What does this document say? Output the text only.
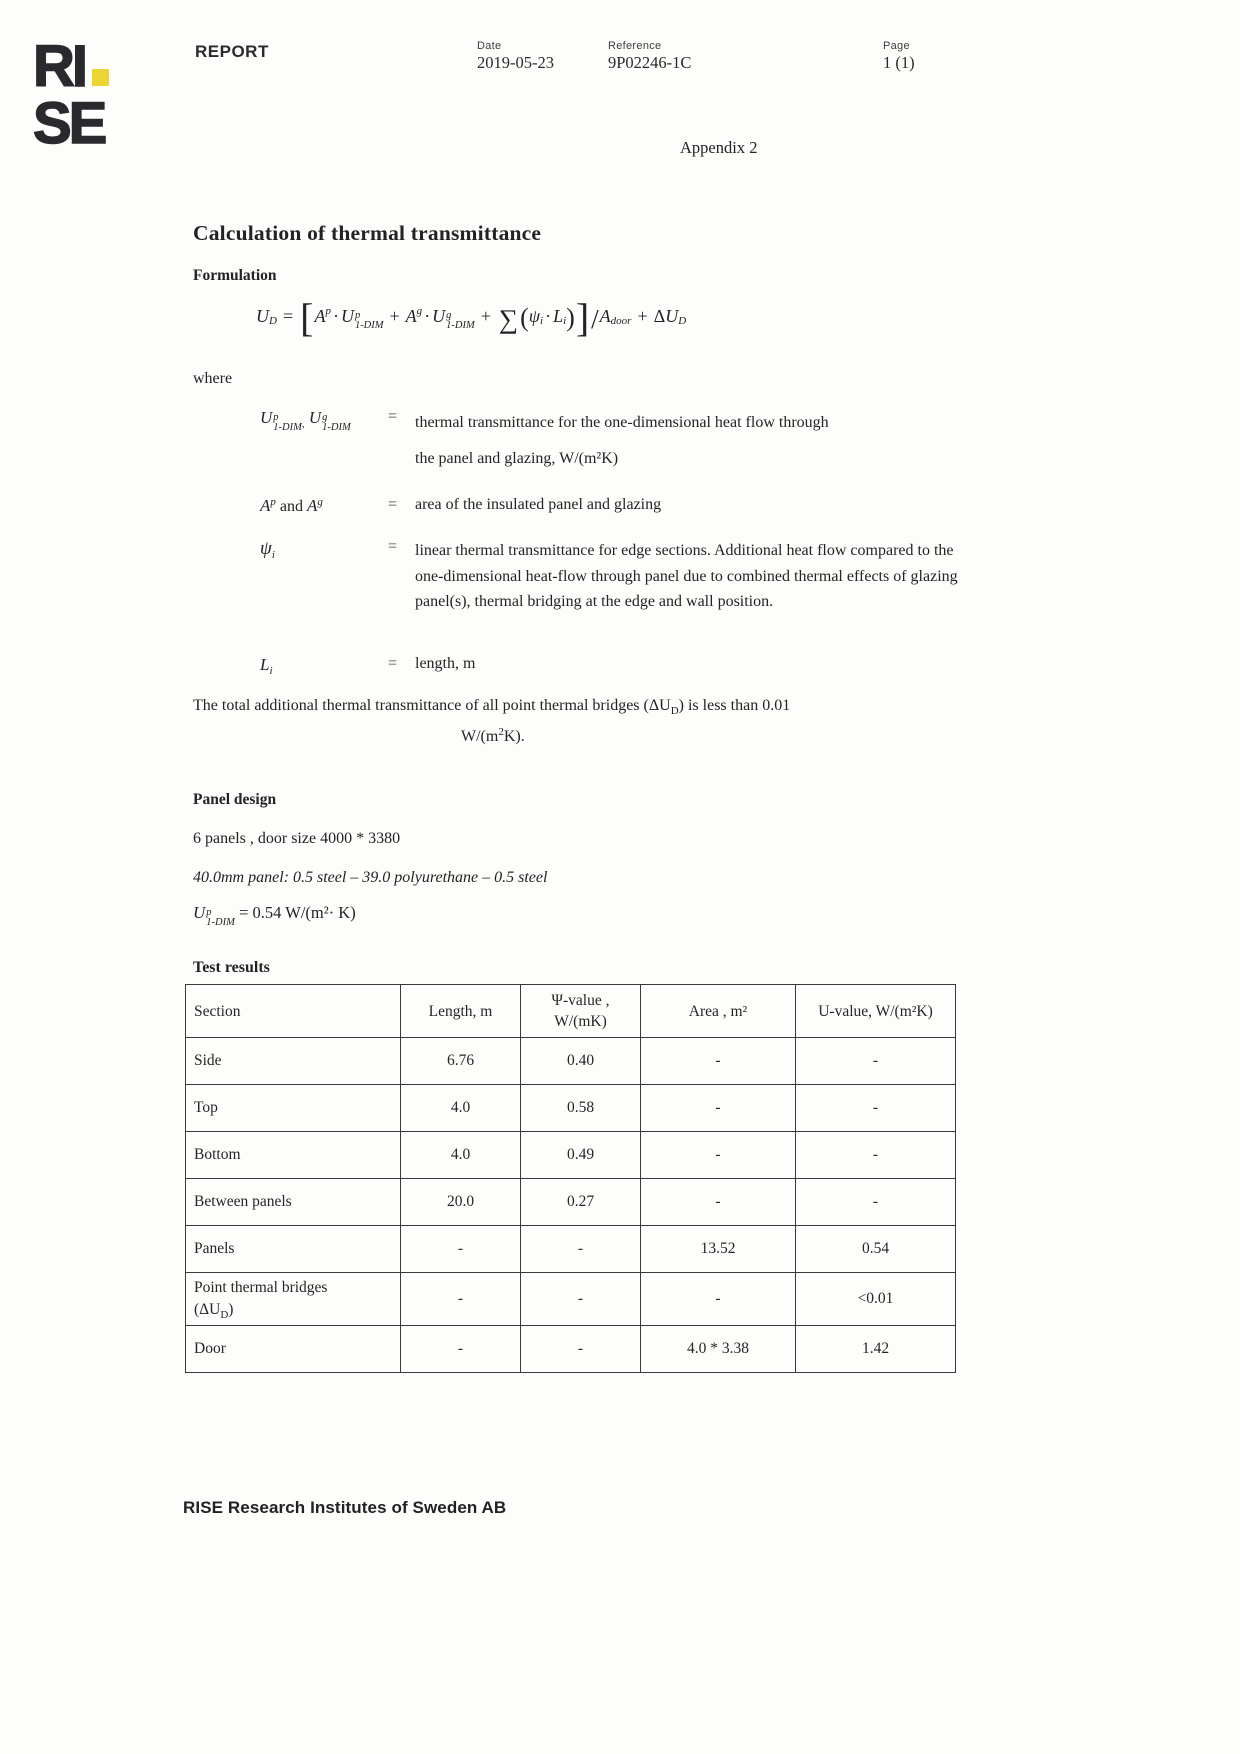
RI
SE
REPORT	Date
2019-05-23
Reference
9P02246-1C
Page
1 (1)
Appendix 2
Calculation of thermal transmittance
Formulation
U D = [ A p · U p
1-DIM + A g · U g
1-DIM + ∑ ( ψ i · L i ) ] / A door + Δ U D
where
U p
1-DIM $_,$ U g
1-DIM
= thermal transmittance for the one-dimensional heat flow through
the panel and glazing, W/(m²K)
$A^p$ and $A^g$	= area of the insulated panel and glazing
$\psi_i$	= linear thermal transmittance for edge sections. Additional heat flow compared to the one-dimensional heat-flow through panel due to combined thermal effects of glazing panel(s), thermal bridging at the edge and wall position.
$L_i$	= length, m
The total additional thermal transmittance of all point thermal bridges $(\Delta U_D)$ is less than 0.01
$W/(m^2K)$.
Panel design
6 panels , door size 4000 * 3380
40.0mm panel: 0.5 steel – 39.0 polyurethane – 0.5 steel
U p
1-DIM
= 0.54 W/(m²· K)
Test results
Section	Length, m	Ψ-value ,
W/(mK)	Area , m²	U-value, W/(m²K)
Side	6.76	0.40	-	-
Top	4.0	0.58	-	-
Bottom	4.0	0.49	-	-
Between panels	20.0	0.27	-	-
Panels	-	-	13.52	0.54
Point thermal bridges
$(\Delta U_D)$	-	-	-	<0.01
Door	-	-	4.0 * 3.38	1.42
RISE Research Institutes of Sweden AB
